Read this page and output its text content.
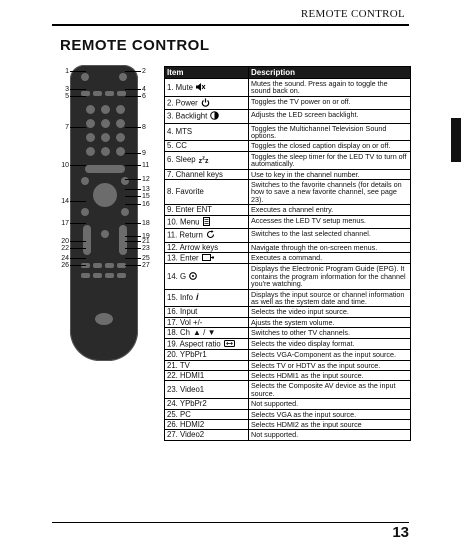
REMOTE CONTROL
REMOTE CONTROL
1
3
5
7
10
14
17
20
22
24
26
2
4
6
8
9
11
12
13
15
16
18
19
21
23
25
27
Item	Description
1. Mute	Mutes the sound. Press again to toggle the sound back on.
2. Power	Toggles the TV power on or off.
3. Backlight	Adjusts the LED screen backlight.
4. MTS	Toggles the Multichannel Television Sound options.
5. CC	Toggles the closed caption display on or off.
6. Sleep $z^zz$	Toggles the sleep timer for the LED TV to turn off automatically.
7. Channel keys	Use to key in the channel number.
8. Favorite	Switches to the favorite channels (for details on how to save a new favorite channel, see page 23).
9. Enter ENT	Executes a channel entry.
10. Menu	Accesses the LED TV setup menus.
11. Return	Switches to the last selected channel.
12. Arrow keys	Navigate through the on-screen menus.
13. Enter	Executes a command.
14. G	Displays the Electronic Program Guide (EPG). It contains the program information for the channel you're watching.
15. Info i	Displays the input source or channel information as well as the system date and time.
16. Input	Selects the video input source.
17. Vol +/-	Ajusts the system volume.
18. Ch ▲ / ▼	Switches to other TV channels.
19. Aspect ratio	Selects the video display format.
20. YPbPr1	Selects VGA-Component as the input source.
21. TV	Selects TV or HDTV as the input source.
22. HDMI1	Selects HDMI1 as the input source.
23. Video1	Selects the Composite AV device as the input source.
24. YPbPr2	Not supported.
25. PC	Selects VGA as the input source.
26. HDMI2	Selects HDMI2 as the input source
27. Video2	Not supported.
13
